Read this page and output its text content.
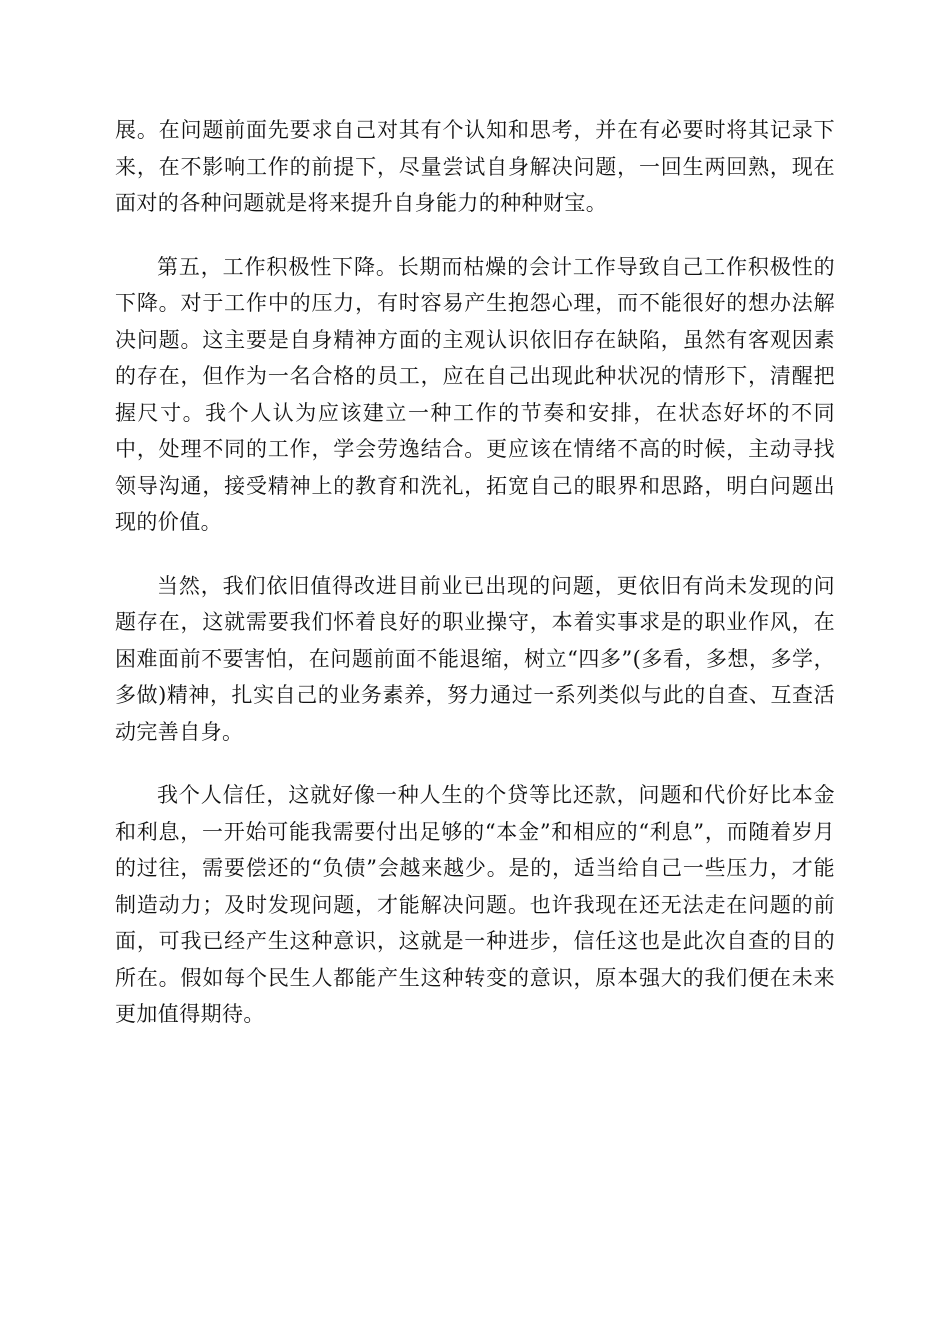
展。在问题前面先要求自己对其有个认知和思考，并在有必要时将其记录下来，在不影响工作的前提下，尽量尝试自身解决问题，一回生两回熟，现在面对的各种问题就是将来提升自身能力的种种财宝。

第五，工作积极性下降。长期而枯燥的会计工作导致自己工作积极性的下降。对于工作中的压力，有时容易产生抱怨心理，而不能很好的想办法解决问题。这主要是自身精神方面的主观认识依旧存在缺陷，虽然有客观因素的存在，但作为一名合格的员工，应在自己出现此种状况的情形下，清醒把握尺寸。我个人认为应该建立一种工作的节奏和安排，在状态好坏的不同中，处理不同的工作，学会劳逸结合。更应该在情绪不高的时候，主动寻找领导沟通，接受精神上的教育和洗礼，拓宽自己的眼界和思路，明白问题出现的价值。

当然，我们依旧值得改进目前业已出现的问题，更依旧有尚未发现的问题存在，这就需要我们怀着良好的职业操守，本着实事求是的职业作风，在困难面前不要害怕，在问题前面不能退缩，树立“四多”(多看，多想，多学，多做)精神，扎实自己的业务素养，努力通过一系列类似与此的自查、互查活动完善自身。

我个人信任，这就好像一种人生的个贷等比还款，问题和代价好比本金和利息，一开始可能我需要付出足够的“本金”和相应的“利息”，而随着岁月的过往，需要偿还的“负债”会越来越少。是的，适当给自己一些压力，才能制造动力；及时发现问题，才能解决问题。也许我现在还无法走在问题的前面，可我已经产生这种意识，这就是一种进步，信任这也是此次自查的目的所在。假如每个民生人都能产生这种转变的意识，原本强大的我们便在未来更加值得期待。
